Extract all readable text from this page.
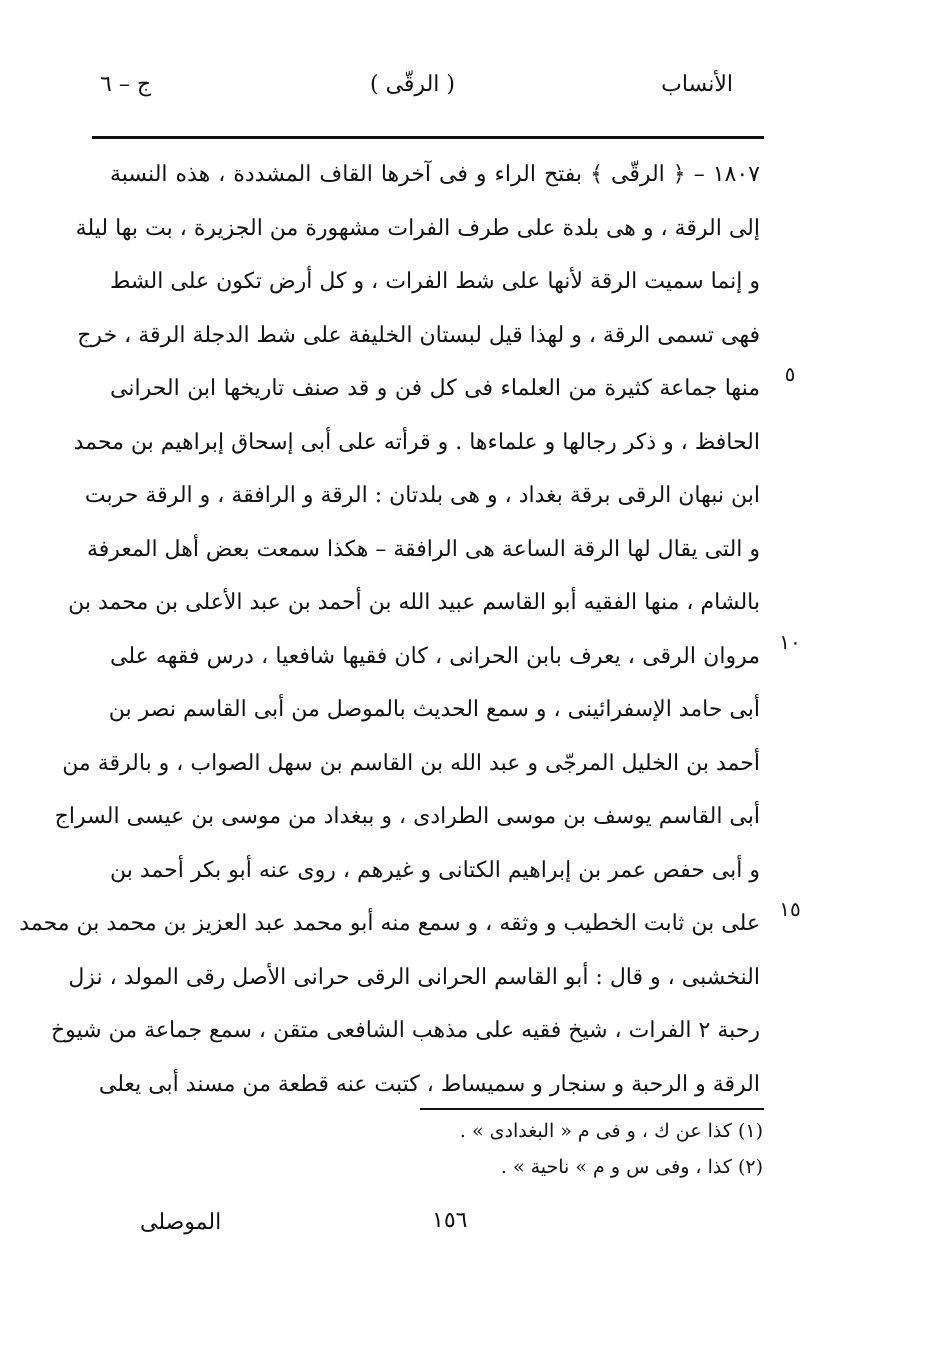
الأنساب
( الرقّى )
ج – ٦
١٨٠٧ – ﴿ الرقّى ﴾ بفتح الراء و فى آخرها القاف المشددة ، هذه النسبة
إلى الرقة ، و هى بلدة على طرف الفرات مشهورة من الجزيرة ، بت بها ليلة
و إنما سميت الرقة لأنها على شط الفرات ، و كل أرض تكون على الشط
فهى تسمى الرقة ، و لهذا قيل لبستان الخليفة على شط الدجلة الرقة ، خرج
منها جماعة كثيرة من العلماء فى كل فن و قد صنف تاريخها ابن الحرانى
الحافظ ، و ذكر رجالها و علماءها . و قرأته على أبى إسحاق إبراهيم بن محمد
ابن نبهان الرقى برقة بغداد ، و هى بلدتان : الرقة و الرافقة ، و الرقة حربت
و التى يقال لها الرقة الساعة هى الرافقة – هكذا سمعت بعض أهل المعرفة
بالشام ، منها الفقيه أبو القاسم عبيد الله بن أحمد بن عبد الأعلى بن محمد بن
مروان الرقى ، يعرف بابن الحرانى ، كان فقيها شافعيا ، درس فقهه على
أبى حامد الإسفرائينى ، و سمع الحديث بالموصل من أبى القاسم نصر بن
أحمد بن الخليل المرجّى و عبد الله بن القاسم بن سهل الصواب ، و بالرقة من
أبى القاسم يوسف بن موسى الطرادى ، و ببغداد من موسى بن عيسى السراج
و أبى حفص عمر بن إبراهيم الكتانى و غيرهم ، روى عنه أبو بكر أحمد بن
على بن ثابت الخطيب و وثقه ، و سمع منه أبو محمد عبد العزيز بن محمد بن محمد
النخشبى ، و قال : أبو القاسم الحرانى الرقى حرانى الأصل رقى المولد ، نزل
رحبة ٢ الفرات ، شيخ فقيه على مذهب الشافعى متقن ، سمع جماعة من شيوخ
الرقة و الرحبة و سنجار و سميساط ، كتبت عنه قطعة من مسند أبى يعلى
٥
١٠
١٥
(١) كذا عن ك ، و فى م « البغدادى » .
(٢) كذا ، وفى س و م » ناحية » .
١٥٦
الموصلى
